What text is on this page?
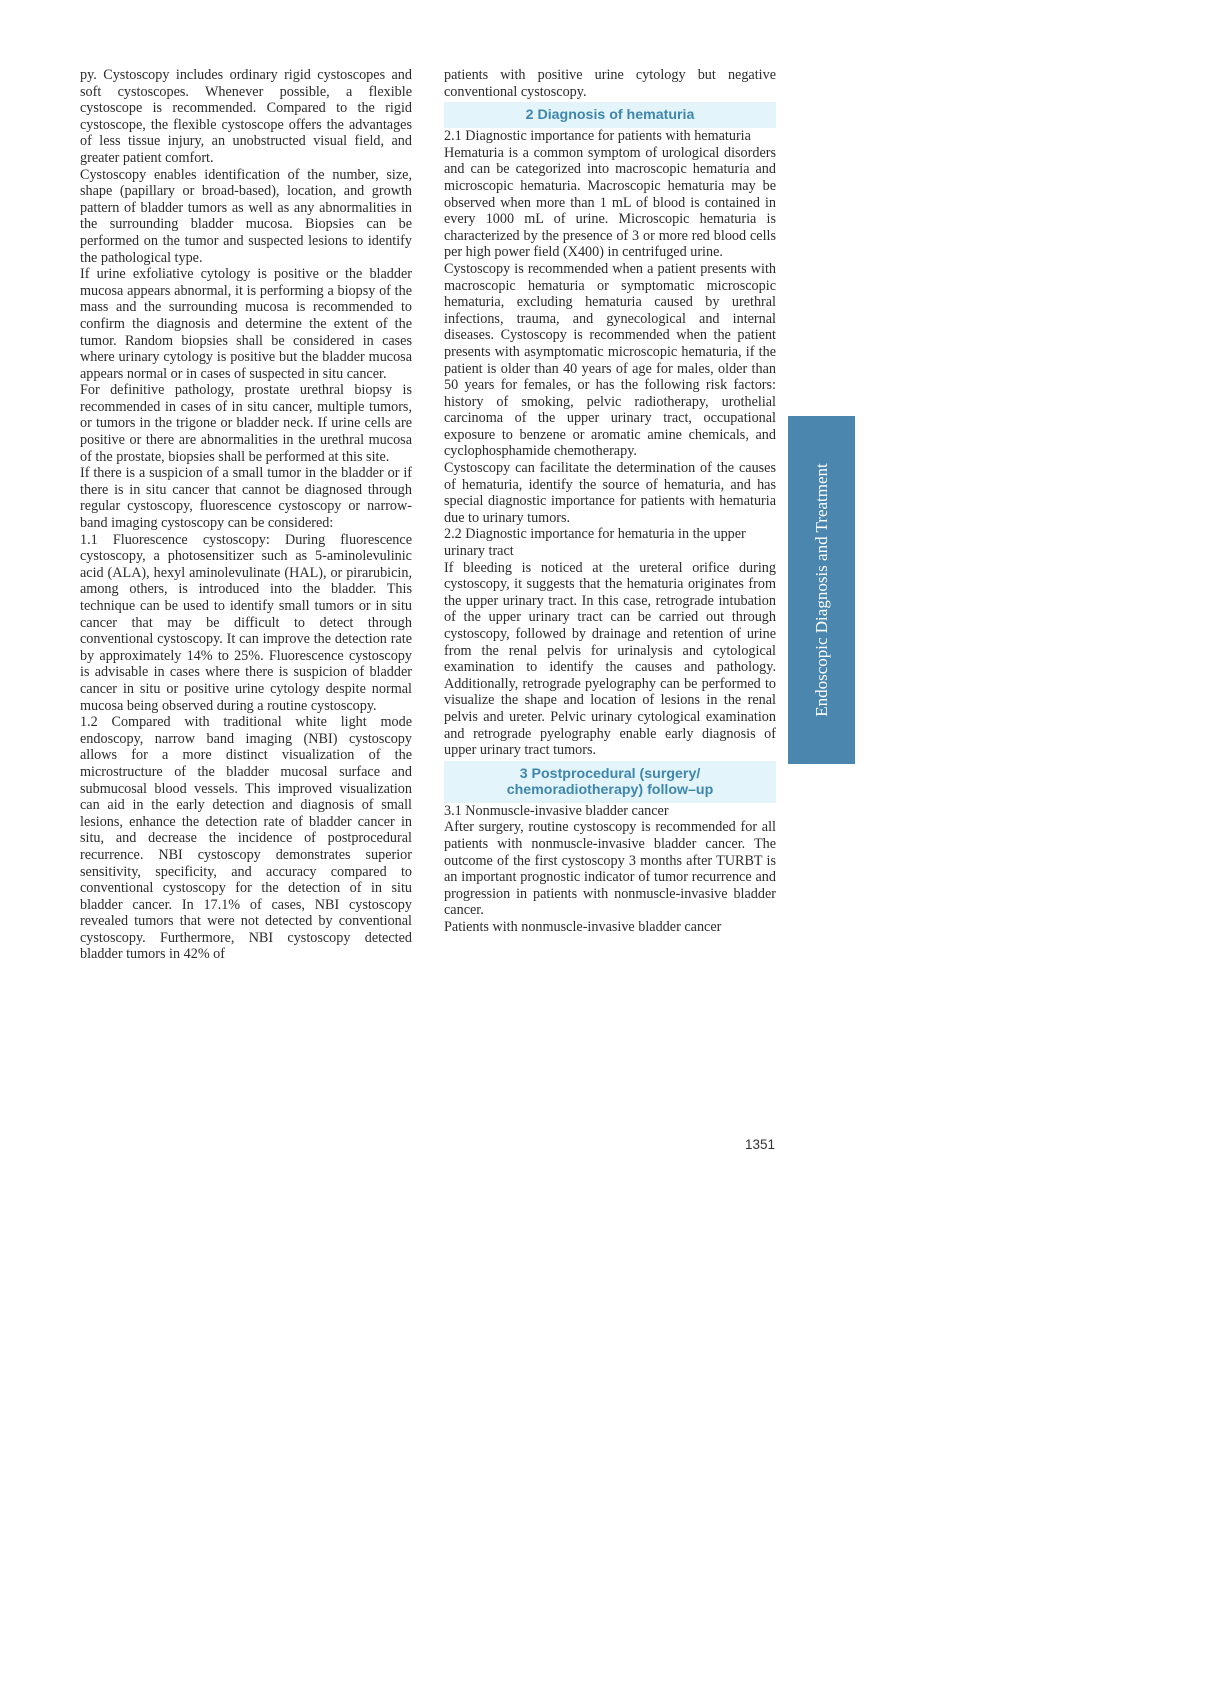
py. Cystoscopy includes ordinary rigid cystoscopes and soft cystoscopes. Whenever possible, a flexible cystoscope is recommended. Compared to the rigid cystoscope, the flexible cystoscope offers the advantages of less tissue injury, an unobstructed visual field, and greater patient comfort.

Cystoscopy enables identification of the number, size, shape (papillary or broad-based), location, and growth pattern of bladder tumors as well as any abnormalities in the surrounding bladder mucosa. Biopsies can be performed on the tumor and suspected lesions to identify the pathological type.

If urine exfoliative cytology is positive or the bladder mucosa appears abnormal, it is performing a biopsy of the mass and the surrounding mucosa is recommended to confirm the diagnosis and determine the extent of the tumor. Random biopsies shall be considered in cases where urinary cytology is positive but the bladder mucosa appears normal or in cases of suspected in situ cancer.

For definitive pathology, prostate urethral biopsy is recommended in cases of in situ cancer, multiple tumors, or tumors in the trigone or bladder neck. If urine cells are positive or there are abnormalities in the urethral mucosa of the prostate, biopsies shall be performed at this site.

If there is a suspicion of a small tumor in the bladder or if there is in situ cancer that cannot be diagnosed through regular cystoscopy, fluorescence cystoscopy or narrow-band imaging cystoscopy can be considered:

1.1 Fluorescence cystoscopy: During fluorescence cystoscopy, a photosensitizer such as 5-aminolevulinic acid (ALA), hexyl aminolevulinate (HAL), or pirarubicin, among others, is introduced into the bladder. This technique can be used to identify small tumors or in situ cancer that may be difficult to detect through conventional cystoscopy. It can improve the detection rate by approximately 14% to 25%. Fluorescence cystoscopy is advisable in cases where there is suspicion of bladder cancer in situ or positive urine cytology despite normal mucosa being observed during a routine cystoscopy.

1.2 Compared with traditional white light mode endoscopy, narrow band imaging (NBI) cystoscopy allows for a more distinct visualization of the microstructure of the bladder mucosal surface and submucosal blood vessels. This improved visualization can aid in the early detection and diagnosis of small lesions, enhance the detection rate of bladder cancer in situ, and decrease the incidence of postprocedural recurrence. NBI cystoscopy demonstrates superior sensitivity, specificity, and accuracy compared to conventional cystoscopy for the detection of in situ bladder cancer. In 17.1% of cases, NBI cystoscopy revealed tumors that were not detected by conventional cystoscopy. Furthermore, NBI cystoscopy detected bladder tumors in 42% of

patients with positive urine cytology but negative conventional cystoscopy.

2 Diagnosis of hematuria

2.1 Diagnostic importance for patients with hematuria

Hematuria is a common symptom of urological disorders and can be categorized into macroscopic hematuria and microscopic hematuria. Macroscopic hematuria may be observed when more than 1 mL of blood is contained in every 1000 mL of urine. Microscopic hematuria is characterized by the presence of 3 or more red blood cells per high power field (X400) in centrifuged urine.

Cystoscopy is recommended when a patient presents with macroscopic hematuria or symptomatic microscopic hematuria, excluding hematuria caused by urethral infections, trauma, and gynecological and internal diseases. Cystoscopy is recommended when the patient presents with asymptomatic microscopic hematuria, if the patient is older than 40 years of age for males, older than 50 years for females, or has the following risk factors: history of smoking, pelvic radiotherapy, urothelial carcinoma of the upper urinary tract, occupational exposure to benzene or aromatic amine chemicals, and cyclophosphamide chemotherapy.

Cystoscopy can facilitate the determination of the causes of hematuria, identify the source of hematuria, and has special diagnostic importance for patients with hematuria due to urinary tumors.

2.2 Diagnostic importance for hematuria in the upper urinary tract

If bleeding is noticed at the ureteral orifice during cystoscopy, it suggests that the hematuria originates from the upper urinary tract. In this case, retrograde intubation of the upper urinary tract can be carried out through cystoscopy, followed by drainage and retention of urine from the renal pelvis for urinalysis and cytological examination to identify the causes and pathology. Additionally, retrograde pyelography can be performed to visualize the shape and location of lesions in the renal pelvis and ureter. Pelvic urinary cytological examination and retrograde pyelography enable early diagnosis of upper urinary tract tumors.

3 Postprocedural (surgery/
chemoradiotherapy) follow–up

3.1 Nonmuscle-invasive bladder cancer

After surgery, routine cystoscopy is recommended for all patients with nonmuscle-invasive bladder cancer. The outcome of the first cystoscopy 3 months after TURBT is an important prognostic indicator of tumor recurrence and progression in patients with nonmuscle-invasive bladder cancer.

Patients with nonmuscle-invasive bladder cancer

Endoscopic Diagnosis and Treatment
1351
